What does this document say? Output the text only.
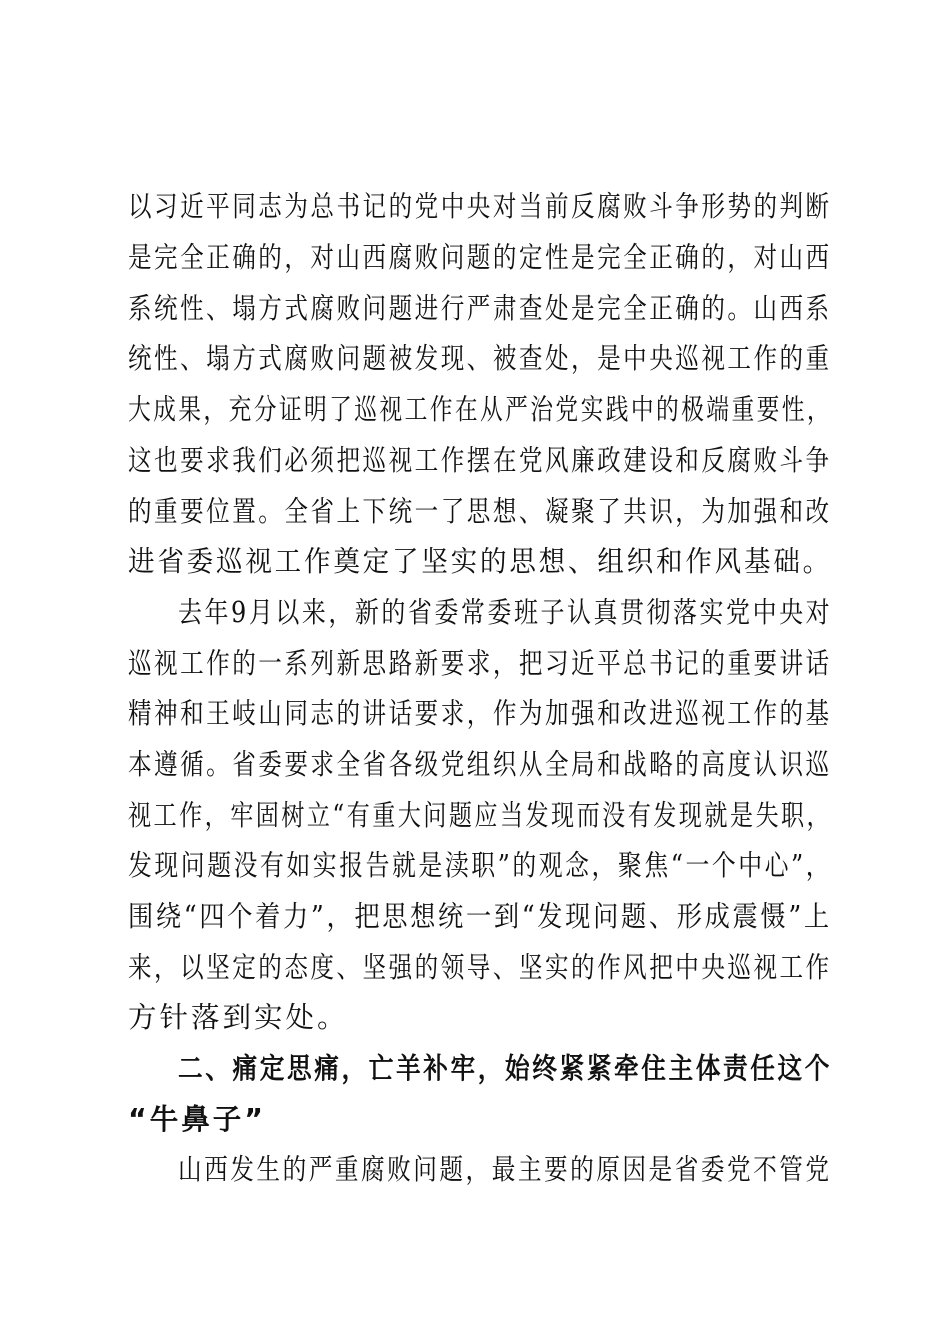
以习近平同志为总书记的党中央对当前反腐败斗争形势的判断
是完全正确的，对山西腐败问题的定性是完全正确的，对山西
系统性、塌方式腐败问题进行严肃查处是完全正确的。山西系
统性、塌方式腐败问题被发现、被查处，是中央巡视工作的重
大成果，充分证明了巡视工作在从严治党实践中的极端重要性，
这也要求我们必须把巡视工作摆在党风廉政建设和反腐败斗争
的重要位置。全省上下统一了思想、凝聚了共识，为加强和改
进省委巡视工作奠定了坚实的思想、组织和作风基础。
去年9月以来，新的省委常委班子认真贯彻落实党中央对
巡视工作的一系列新思路新要求，把习近平总书记的重要讲话
精神和王岐山同志的讲话要求，作为加强和改进巡视工作的基
本遵循。省委要求全省各级党组织从全局和战略的高度认识巡
视工作，牢固树立“有重大问题应当发现而没有发现就是失职，
发现问题没有如实报告就是渎职”的观念，聚焦“一个中心”，
围绕“四个着力”，把思想统一到“发现问题、形成震慑”上
来，以坚定的态度、坚强的领导、坚实的作风把中央巡视工作
方针落到实处。
二、痛定思痛，亡羊补牢，始终紧紧牵住主体责任这个
“牛鼻子”
山西发生的严重腐败问题，最主要的原因是省委党不管党
